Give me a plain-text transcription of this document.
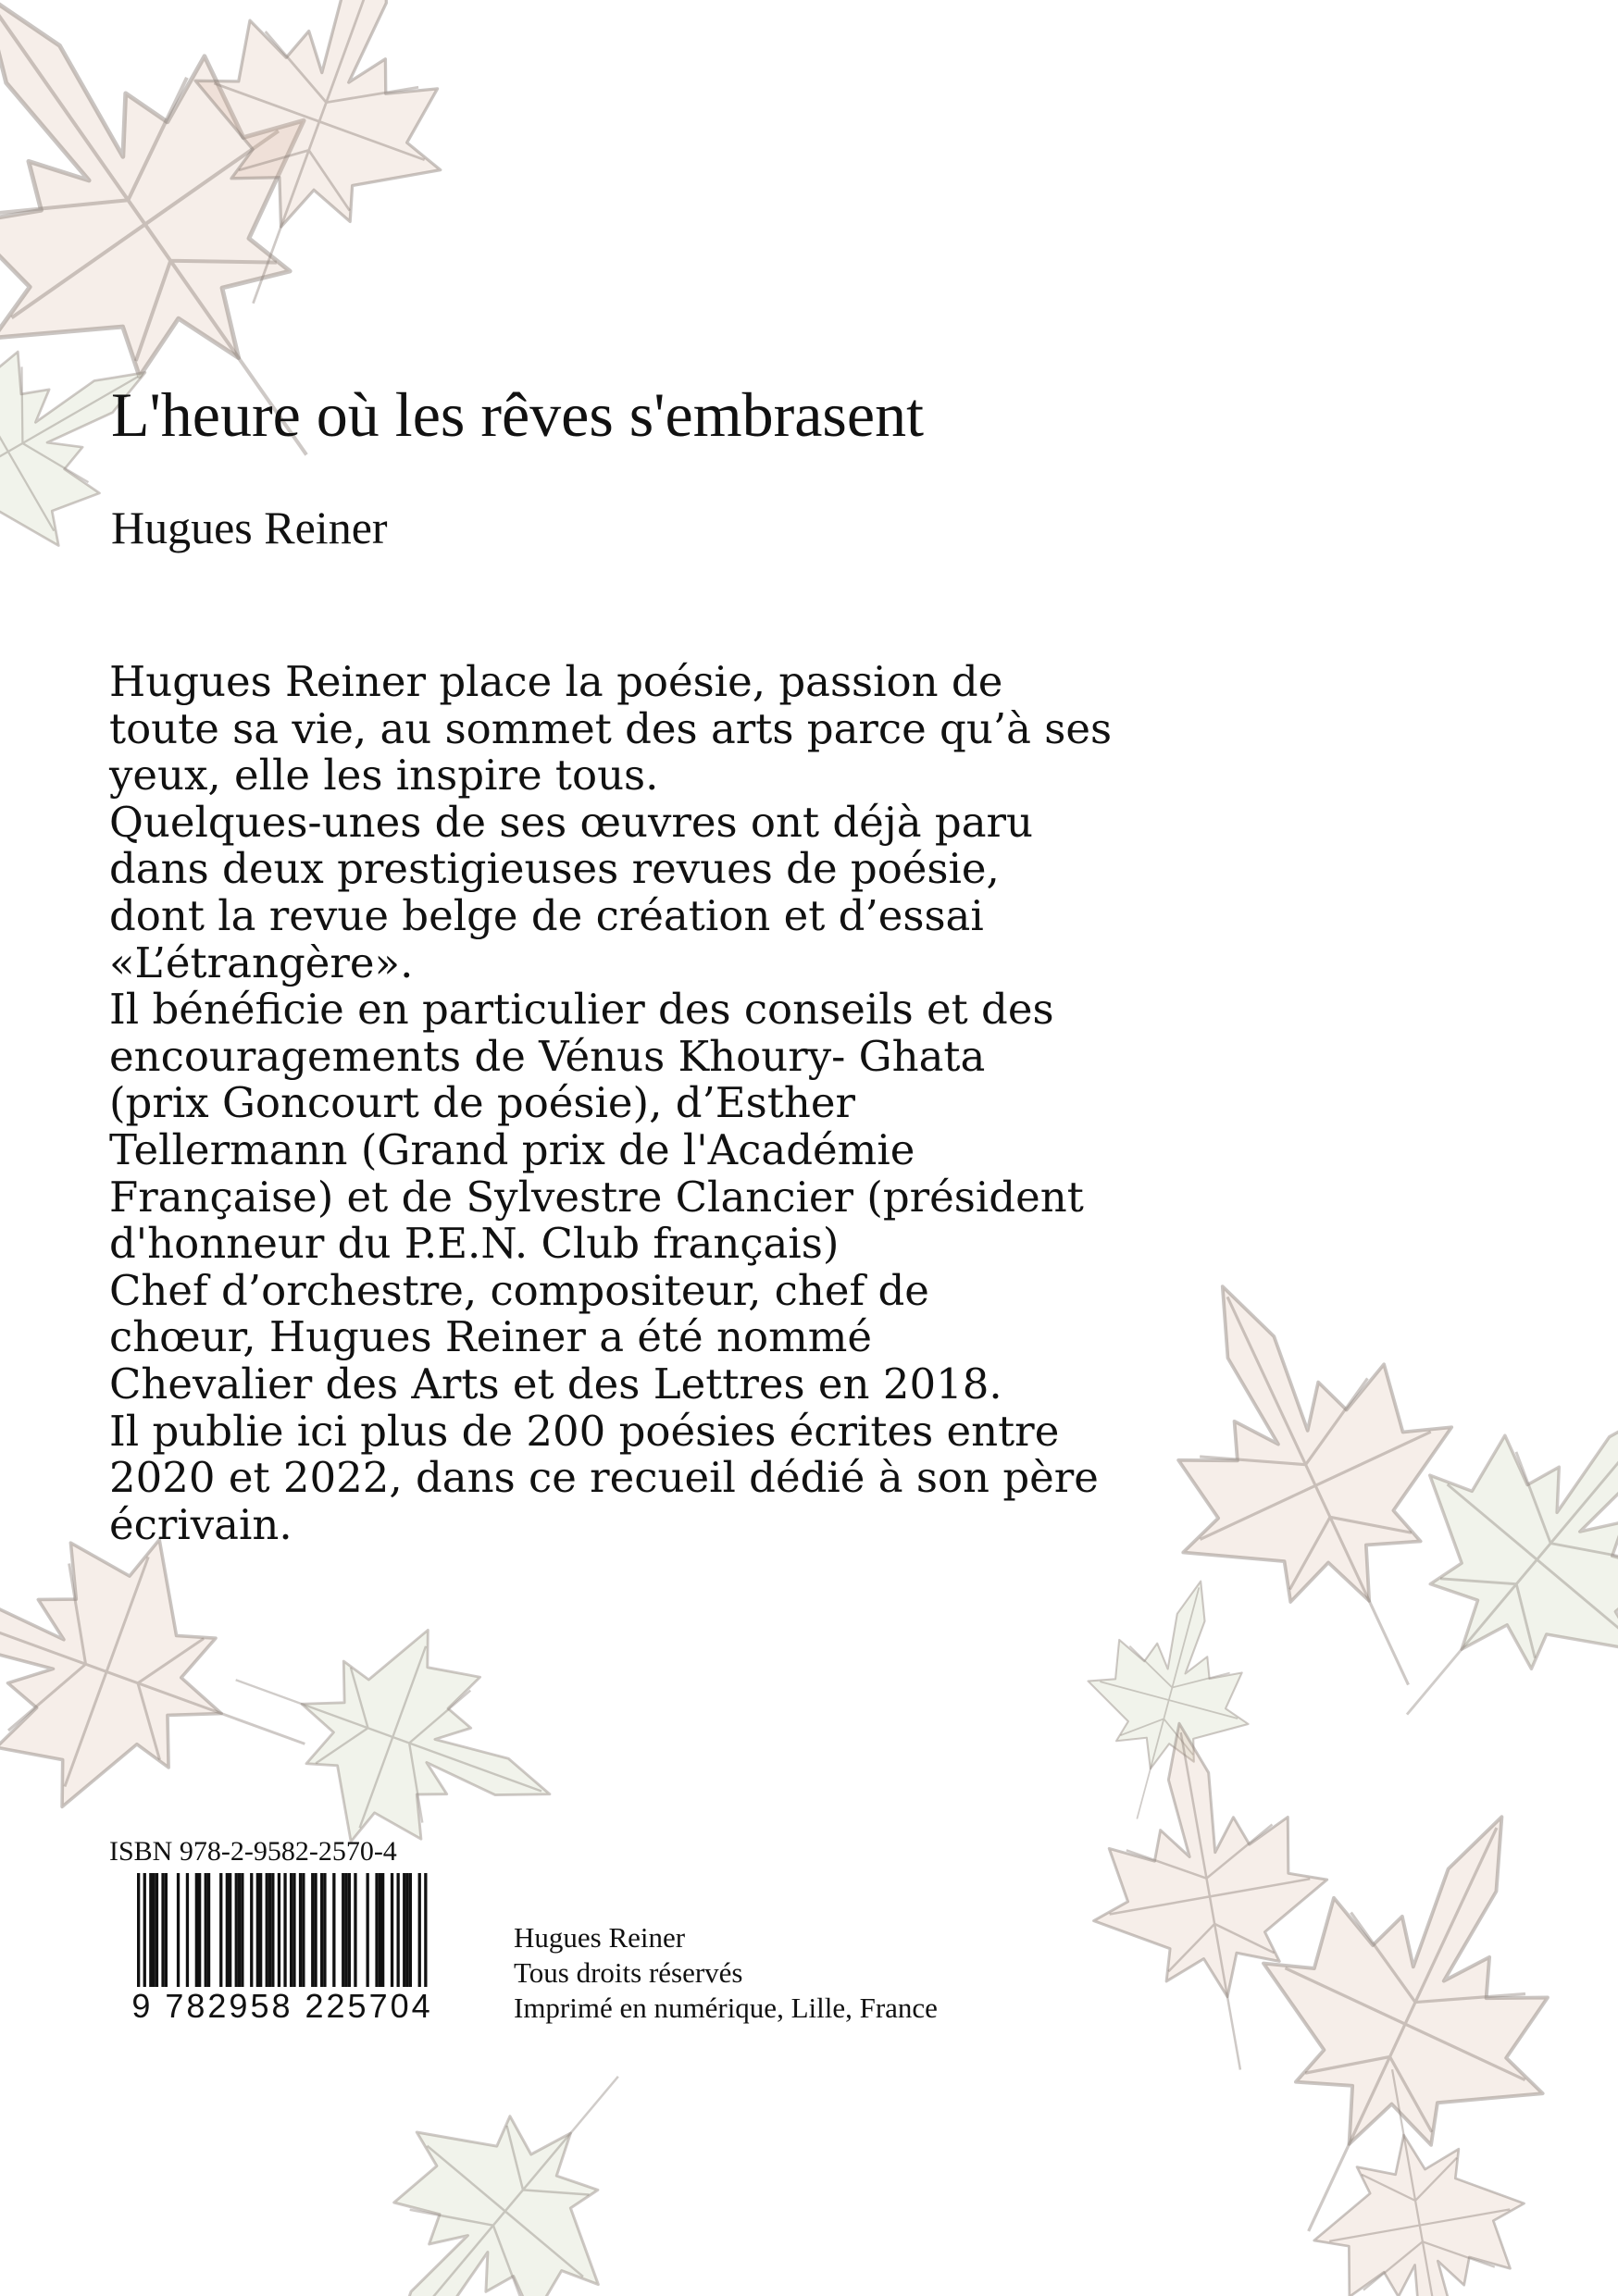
L'heure où les rêves s'embrasent

Hugues Reiner

Hugues Reiner place la poésie, passion de
toute sa vie, au sommet des arts parce qu’à ses
yeux, elle les inspire tous.
Quelques-unes de ses œuvres ont déjà paru
dans deux prestigieuses revues de poésie,
dont la revue belge de création et d’essai
«L’étrangère».
Il bénéficie en particulier des conseils et des
encouragements de Vénus Khoury- Ghata
(prix Goncourt de poésie), d’Esther
Tellermann (Grand prix de l'Académie
Française) et de Sylvestre Clancier (président
d'honneur du P.E.N. Club français)
Chef d’orchestre, compositeur, chef de
chœur, Hugues Reiner a été nommé
Chevalier des Arts et des Lettres en 2018.
Il publie ici plus de 200 poésies écrites entre
2020 et 2022, dans ce recueil dédié à son père
écrivain.
ISBN 978-2-9582-2570-4
9 782958 225704
Hugues Reiner
Tous droits réservés
Imprimé en numérique, Lille, France
